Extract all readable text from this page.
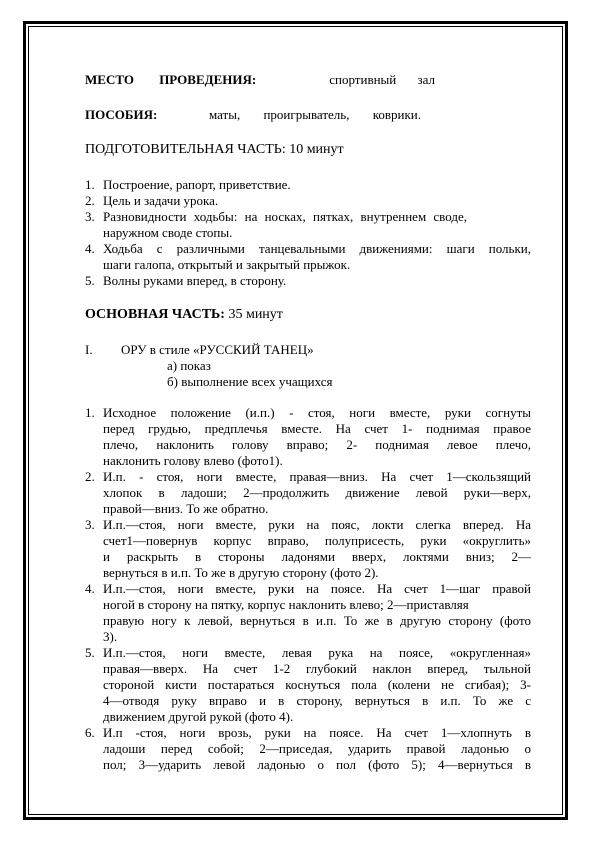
МЕСТО ПРОВЕДЕНИЯ:	спортивный зал
ПОСОБИЯ:	маты, проигрыватель, коврики.
ПОДГОТОВИТЕЛЬНАЯ ЧАСТЬ: 10 минут
1. Построение, рапорт, приветствие.
2. Цель и задачи урока.
3. Разновидности ходьбы: на носках, пятках, внутреннем своде,
наружном своде стопы.
4. Ходьба с различными танцевальными движениями: шаги польки,
шаги галопа, открытый и закрытый прыжок.
5. Волны руками вперед, в сторону.
ОСНОВНАЯ ЧАСТЬ: 35 минут
I. ОРУ в стиле «РУССКИЙ ТАНЕЦ»
а) показ
б) выполнение всех учащихся
1. Исходное положение (и.п.) - стоя, ноги вместе, руки согнуты
перед грудью, предплечья вместе. На счет 1- поднимая правое
плечо, наклонить голову вправо; 2- поднимая левое плечо,
наклонить голову влево (фото1).
2. И.п. - стоя, ноги вместе, правая—вниз. На счет 1—скользящий
хлопок в ладоши; 2—продолжить движение левой руки—верх,
правой—вниз. То же обратно.
3. И.п.—стоя, ноги вместе, руки на пояс, локти слегка вперед. На
счет1—повернув корпус вправо, полуприсесть, руки «округлить»
и раскрыть в стороны ладонями вверх, локтями вниз; 2—
вернуться в и.п. То же в другую сторону (фото 2).
4. И.п.—стоя, ноги вместе, руки на поясе. На счет 1—шаг правой
ногой в сторону на пятку, корпус наклонить влево; 2—приставляя
правую ногу к левой, вернуться в и.п. То же в другую сторону (фото
3).
5. И.п.—стоя, ноги вместе, левая рука на поясе, «округленная»
правая—вверх. На счет 1-2 глубокий наклон вперед, тыльной
стороной кисти постараться коснуться пола (колени не сгибая); 3-
4—отводя руку вправо и в сторону, вернуться в и.п. То же с
движением другой рукой (фото 4).
6. И.п -стоя, ноги врозь, руки на поясе. На счет 1—хлопнуть в
ладоши перед собой; 2—приседая, ударить правой ладонью о
пол; 3—ударить левой ладонью о пол (фото 5); 4—вернуться в
